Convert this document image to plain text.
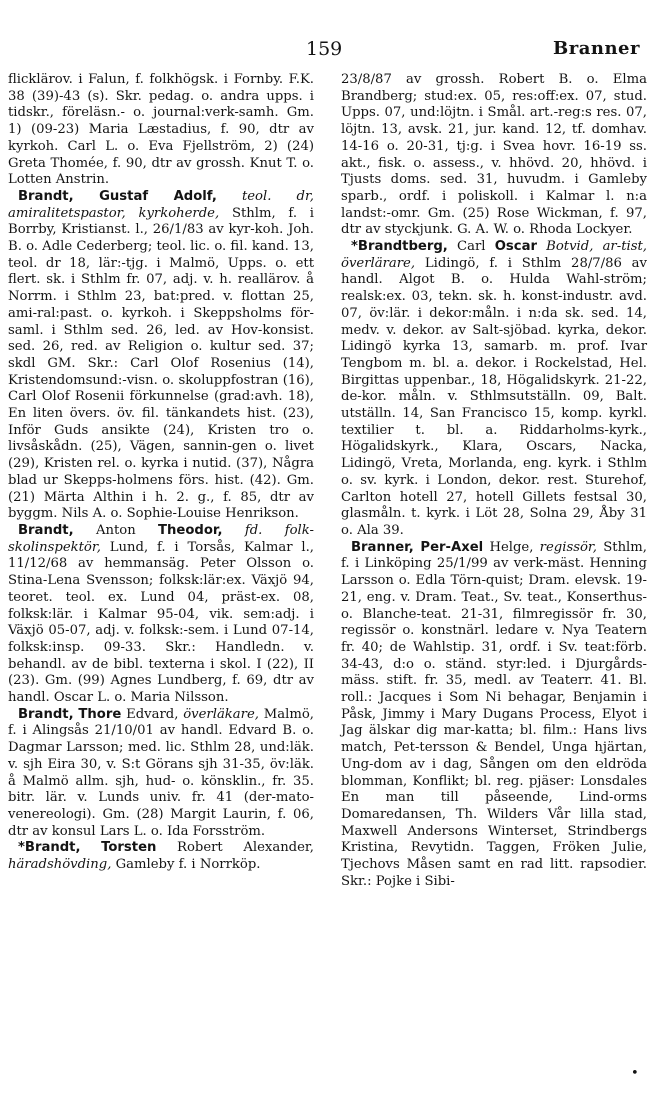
159	Branner

flicklärov. i Falun, f. folkhögsk. i Fornby. F.K. 38 (39)-43 (s). Skr. pedag. o. andra upps. i tidskr., föreläsn.- o. journal:verk-samh. Gm. 1) (09-23) Maria Læstadius, f. 90, dtr av kyrkoh. Carl L. o. Eva Fjellström, 2) (24) Greta Thomée, f. 90, dtr av grossh. Knut T. o. Lotten Anstrin.

Brandt, Gustaf Adolf, teol. dr, amiralitetspastor, kyrkoherde, Sthlm, f. i Borrby, Kristianst. l., 26/1/83 av kyr-koh. Joh. B. o. Adle Cederberg; teol. lic. o. fil. kand. 13, teol. dr 18, lär:-tjg. i Malmö, Upps. o. ett flert. sk. i Sthlm fr. 07, adj. v. h. reallärov. å Norrm. i Sthlm 23, bat:pred. v. flottan 25, ami-ral:past. o. kyrkoh. i Skeppsholms för-saml. i Sthlm sed. 26, led. av Hov-konsist. sed. 26, red. av Religion o. kultur sed. 37; skdl GM. Skr.: Carl Olof Rosenius (14), Kristendomsund:-visn. o. skoluppfostran (16), Carl Olof Rosenii förkunnelse (grad:avh. 18), En liten övers. öv. fil. tänkandets hist. (23), Inför Guds ansikte (24), Kristen tro o. livsåskådn. (25), Vägen, sannin-gen o. livet (29), Kristen rel. o. kyrka i nutid. (37), Några blad ur Skepps-holmens förs. hist. (42). Gm. (21) Märta Althin i h. 2. g., f. 85, dtr av byggm. Nils A. o. Sophie-Louise Henrikson.

Brandt, Anton Theodor, fd. folk-skolinspektör, Lund, f. i Torsås, Kalmar l., 11/12/68 av hemmansäg. Peter Olsson o. Stina-Lena Svensson; folksk:lär:ex. Växjö 94, teoret. teol. ex. Lund 04, präst-ex. 08, folksk:lär. i Kalmar 95-04, vik. sem:adj. i Växjö 05-07, adj. v. folksk:-sem. i Lund 07-14, folksk:insp. 09-33. Skr.: Handledn. v. behandl. av de bibl. texterna i skol. I (22), II (23). Gm. (99) Agnes Lundberg, f. 69, dtr av handl. Oscar L. o. Maria Nilsson.

Brandt, Thore Edvard, överläkare, Malmö, f. i Alingsås 21/10/01 av handl. Edvard B. o. Dagmar Larsson; med. lic. Sthlm 28, und:läk. v. sjh Eira 30, v. S:t Görans sjh 31-35, öv:läk. å Malmö allm. sjh, hud- o. könsklin., fr. 35. bitr. lär. v. Lunds univ. fr. 41 (der-mato-venereologi). Gm. (28) Margit Laurin, f. 06, dtr av konsul Lars L. o. Ida Forsström.

*Brandt, Torsten Robert Alexander, häradshövding, Gamleby f. i Norrköp.

23/8/87 av grossh. Robert B. o. Elma Brandberg; stud:ex. 05, res:off:ex. 07, stud. Upps. 07, und:löjtn. i Smål. art.-reg:s res. 07, löjtn. 13, avsk. 21, jur. kand. 12, tf. domhav. 14-16 o. 20-31, tj:g. i Svea hovr. 16-19 ss. akt., fisk. o. assess., v. hhövd. 20, hhövd. i Tjusts doms. sed. 31, huvudm. i Gamleby sparb., ordf. i poliskoll. i Kalmar l. n:a landst:-omr. Gm. (25) Rose Wickman, f. 97, dtr av styckjunk. G. A. W. o. Rhoda Lockyer.

*Brandtberg, Carl Oscar Botvid, ar-tist, överlärare, Lidingö, f. i Sthlm 28/7/86 av handl. Algot B. o. Hulda Wahl-ström; realsk:ex. 03, tekn. sk. h. konst-industr. avd. 07, öv:lär. i dekor:måln. i n:da sk. sed. 14, medv. v. dekor. av Salt-sjöbad. kyrka, dekor. Lidingö kyrka 13, samarb. m. prof. Ivar Tengbom m. bl. a. dekor. i Rockelstad, Hel. Birgittas uppenbar., 18, Högalidskyrk. 21-22, de-kor. måln. v. Sthlmsutställn. 09, Balt. utställn. 14, San Francisco 15, komp. kyrkl. textilier t. bl. a. Riddarholms-kyrk., Högalidskyrk., Klara, Oscars, Nacka, Lidingö, Vreta, Morlanda, eng. kyrk. i Sthlm o. sv. kyrk. i London, dekor. rest. Sturehof, Carlton hotell 27, hotell Gillets festsal 30, glasmåln. t. kyrk. i Löt 28, Solna 29, Åby 31 o. Ala 39.

Branner, Per-Axel Helge, regissör, Sthlm, f. i Linköping 25/1/99 av verk-mäst. Henning Larsson o. Edla Törn-quist; Dram. elevsk. 19-21, eng. v. Dram. Teat., Sv. teat., Konserthus- o. Blanche-teat. 21-31, filmregissör fr. 30, regissör o. konstnärl. ledare v. Nya Teatern fr. 40; de Wahlstip. 31, ordf. i Sv. teat:förb. 34-43, d:o o. ständ. styr:led. i Djurgårds-mäss. stift. fr. 35, medl. av Teaterr. 41. Bl. roll.: Jacques i Som Ni behagar, Benjamin i Påsk, Jimmy i Mary Dugans Process, Elyot i Jag älskar dig mar-katta; bl. film.: Hans livs match, Pet-tersson & Bendel, Unga hjärtan, Ung-dom av i dag, Sången om den eldröda blomman, Konflikt; bl. reg. pjäser: Lonsdales En man till påseende, Lind-orms Domaredansen, Th. Wilders Vår lilla stad, Maxwell Andersons Winterset, Strindbergs Kristina, Revytidn. Taggen, Fröken Julie, Tjechovs Måsen samt en rad litt. rapsodier. Skr.: Pojke i Sibi-

•
